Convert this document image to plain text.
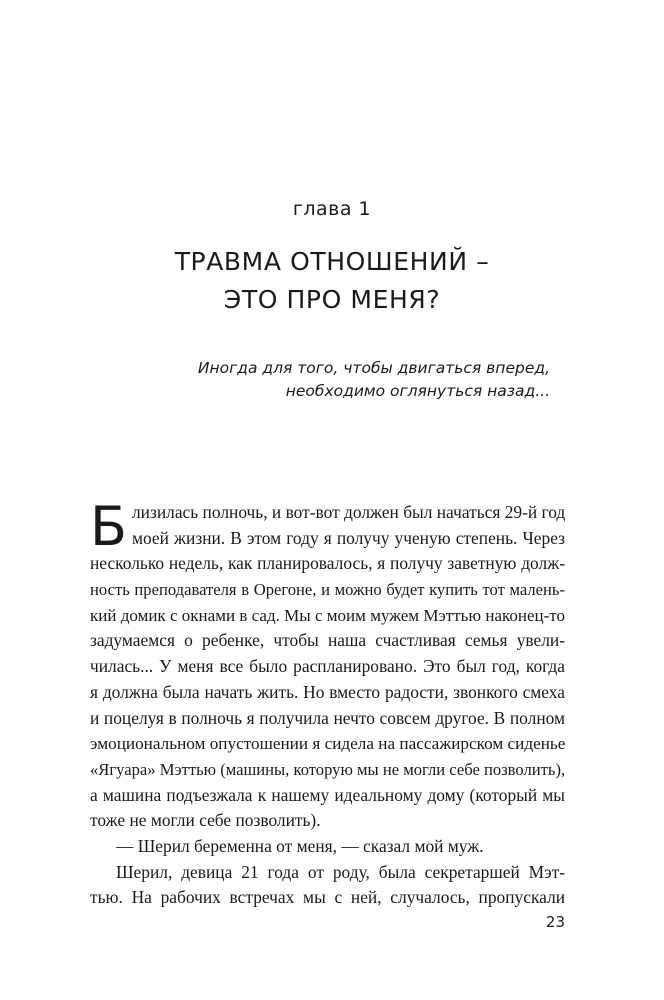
глава 1
ТРАВМА ОТНОШЕНИЙ –
ЭТО ПРО МЕНЯ?
Иногда для того, чтобы двигаться вперед,
необходимо оглянуться назад...
Б лизилась полночь, и вот-вот должен был начаться 29-й год
моей жизни. В этом году я получу ученую степень. Через
несколько недель, как планировалось, я получу заветную долж-
ность преподавателя в Орегоне, и можно будет купить тот малень-
кий домик с окнами в сад. Мы с моим мужем Мэттью наконец-то
задумаемся о ребенке, чтобы наша счастливая семья увели-
чилась... У меня все было распланировано. Это был год, когда
я должна была начать жить. Но вместо радости, звонкого смеха
и поцелуя в полночь я получила нечто совсем другое. В полном
эмоциональном опустошении я сидела на пассажирском сиденье
«Ягуара» Мэттью (машины, которую мы не могли себе позволить),
а машина подъезжала к нашему идеальному дому (который мы
тоже не могли себе позволить).
— Шерил беременна от меня, — сказал мой муж.
Шерил, девица 21 года от роду, была секретаршей Мэт-
тью. На рабочих встречах мы с ней, случалось, пропускали
23
